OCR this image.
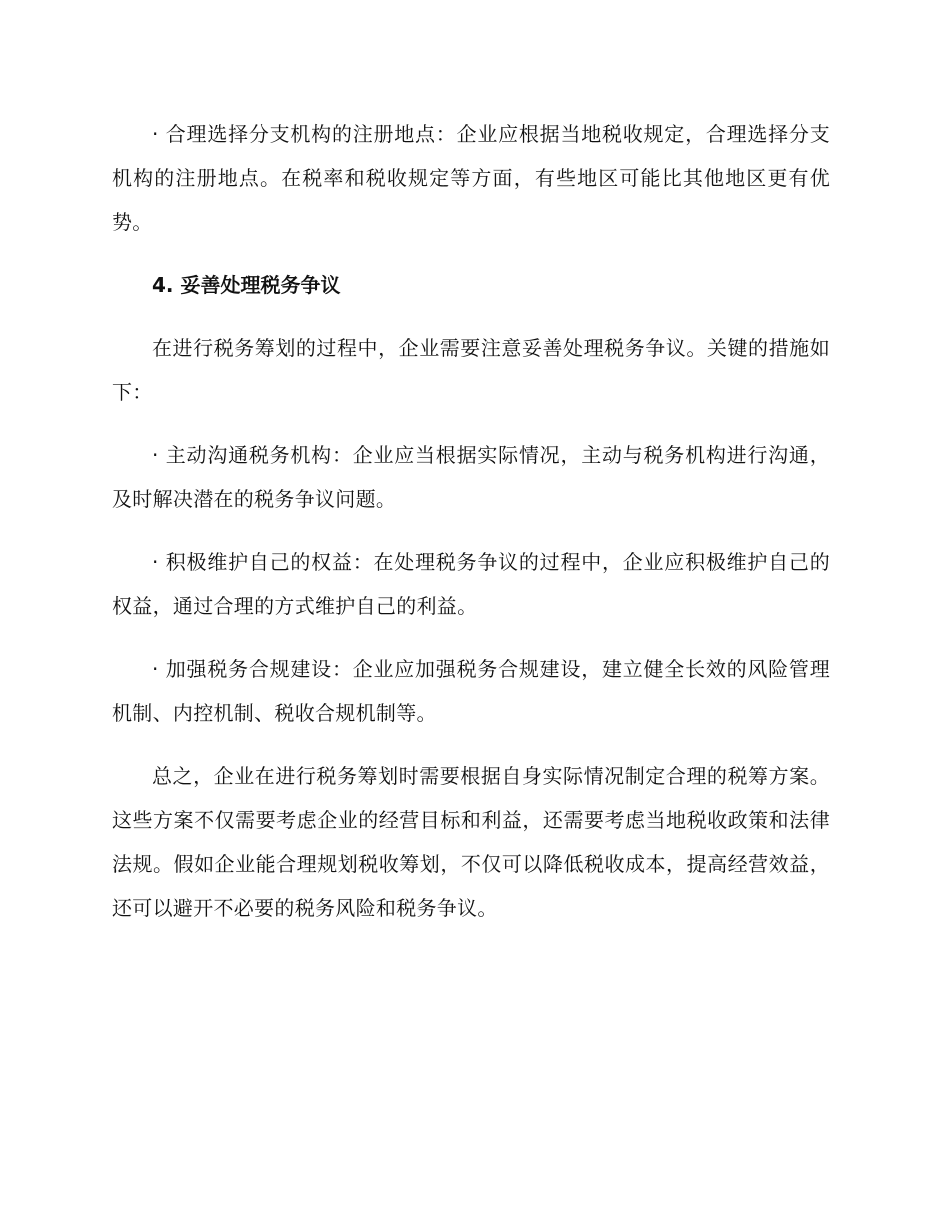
· 合理选择分支机构的注册地点：企业应根据当地税收规定，合理选择分支机构的注册地点。在税率和税收规定等方面，有些地区可能比其他地区更有优势。

4. 妥善处理税务争议

在进行税务筹划的过程中，企业需要注意妥善处理税务争议。关键的措施如下：

· 主动沟通税务机构：企业应当根据实际情况，主动与税务机构进行沟通，及时解决潜在的税务争议问题。

· 积极维护自己的权益：在处理税务争议的过程中，企业应积极维护自己的权益，通过合理的方式维护自己的利益。

· 加强税务合规建设：企业应加强税务合规建设，建立健全长效的风险管理机制、内控机制、税收合规机制等。

总之，企业在进行税务筹划时需要根据自身实际情况制定合理的税筹方案。这些方案不仅需要考虑企业的经营目标和利益，还需要考虑当地税收政策和法律法规。假如企业能合理规划税收筹划，不仅可以降低税收成本，提高经营效益，还可以避开不必要的税务风险和税务争议。
